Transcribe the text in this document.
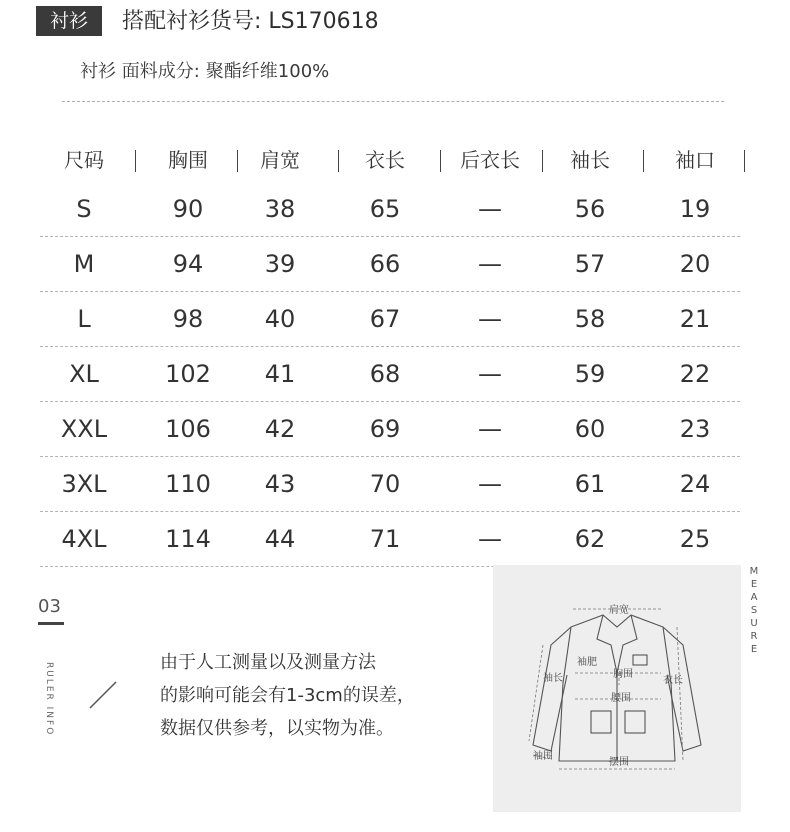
衬衫	搭配衬衫货号: LS170618
衬衫 面料成分: 聚酯纤维100%
尺码	胸围	肩宽	衣长	后衣长	袖长	袖口
S	90	38	65	—	56	19
M	94	39	66	—	57	20
L	98	40	67	—	58	21
XL	102	41	68	—	59	22
XXL	106	42	69	—	60	23
3XL	110	43	70	—	61	24
4XL	114	44	71	—	62	25
03
RULER INFO	由于人工测量以及测量方法
的影响可能会有1-3cm的误差，
数据仅供参考，以实物为准。
肩宽
袖肥
袖长	胸围
衣长
腰围
袖围
摆围
M
E
A
S
U
R
E
